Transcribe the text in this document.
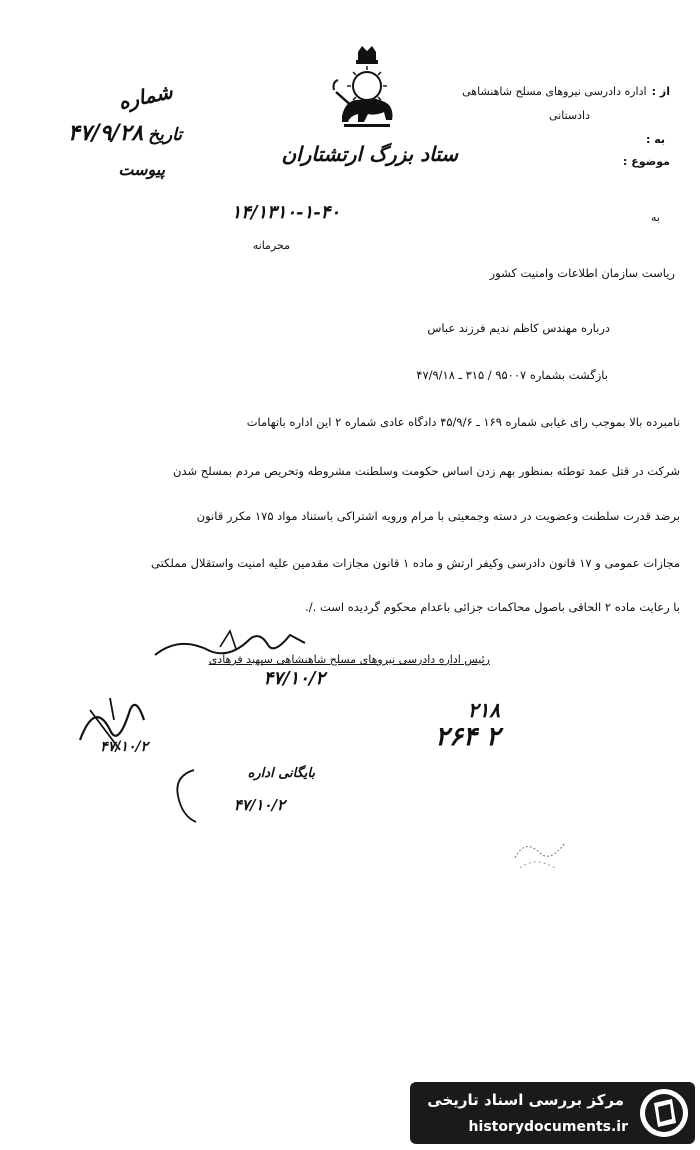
شماره
تاریخ ۴۷/۹/۲۸
پیوست
ستاد بزرگ ارتشتاران
از : اداره دادرسی نیروهای مسلح شاهنشاهی
دادستانی
به :
موضوع :
۱۴/۱۳۱۰-۱-۴۰	به
محرمانه
ریاست سازمان اطلاعات وامنیت کشور
درباره مهندس کاظم ندیم فرزند عباس
بازگشت بشماره ۹۵۰۰۷ / ۳۱۵ ـ ۴۷/۹/۱۸
نامبرده بالا بموجب رای غیابی شماره ۱۶۹ ـ ۴۵/۹/۶ دادگاه عادی شماره ۲ این اداره باتهامات
شرکت در قتل عمد توطئه بمنظور بهم زدن اساس حکومت وسلطنت مشروطه وتحریص مردم بمسلح شدن
برضد قدرت سلطنت وعضویت در دسته وجمعیتی با مرام ورویه اشتراکی باستناد مواد ۱۷۵ مکرر قانون
مجازات عمومی و ۱۷ قانون دادرسی وکیفر ارتش و ماده ۱ قانون مجازات مقدمین علیه امنیت واستقلال مملکتی
با رعایت ماده ۲ الحاقی باصول محاکمات جزائی باعدام محکوم گردیده است ./.
رئیس اداره دادرسی نیروهای مسلح شاهنشاهی سپهبد فرهادی
۴۷/۱۰/۲
۲۱۸
۲ ۲۶۴
۴۷/۱۰/۲
بایگانی اداره
۴۷/۱۰/۲
مرکز بررسی اسناد تاریخی
historydocuments.ir
